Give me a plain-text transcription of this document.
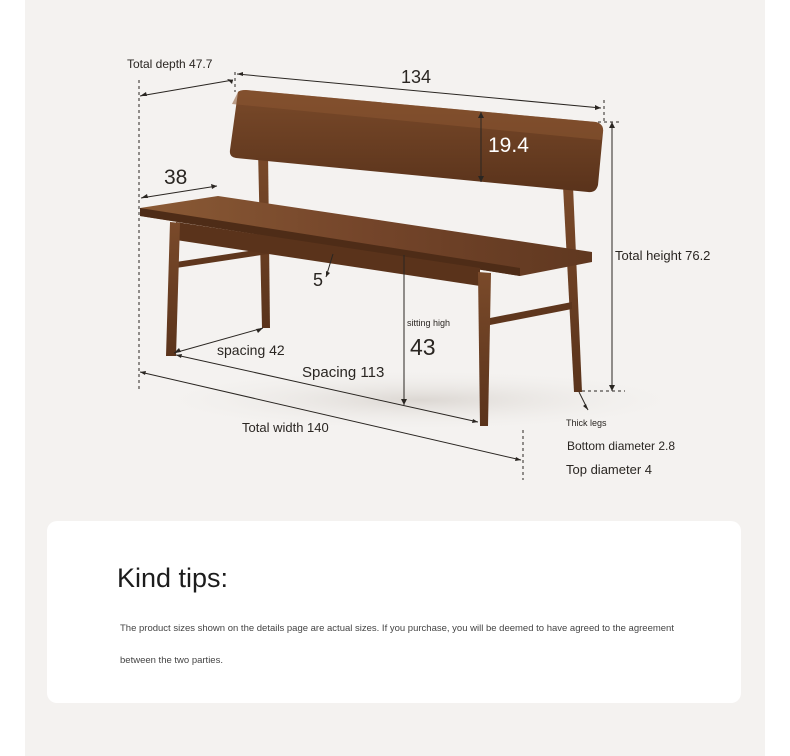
Total depth 47.7
134
19.4
38
5
Total height 76.2
sitting high
43
spacing 42
Spacing 113
Total width 140	Thick legs
Bottom diameter 2.8
Top diameter 4
Kind tips:
The product sizes shown on the details page are actual sizes. If you purchase, you will be deemed to have agreed to the agreement between the two parties.
